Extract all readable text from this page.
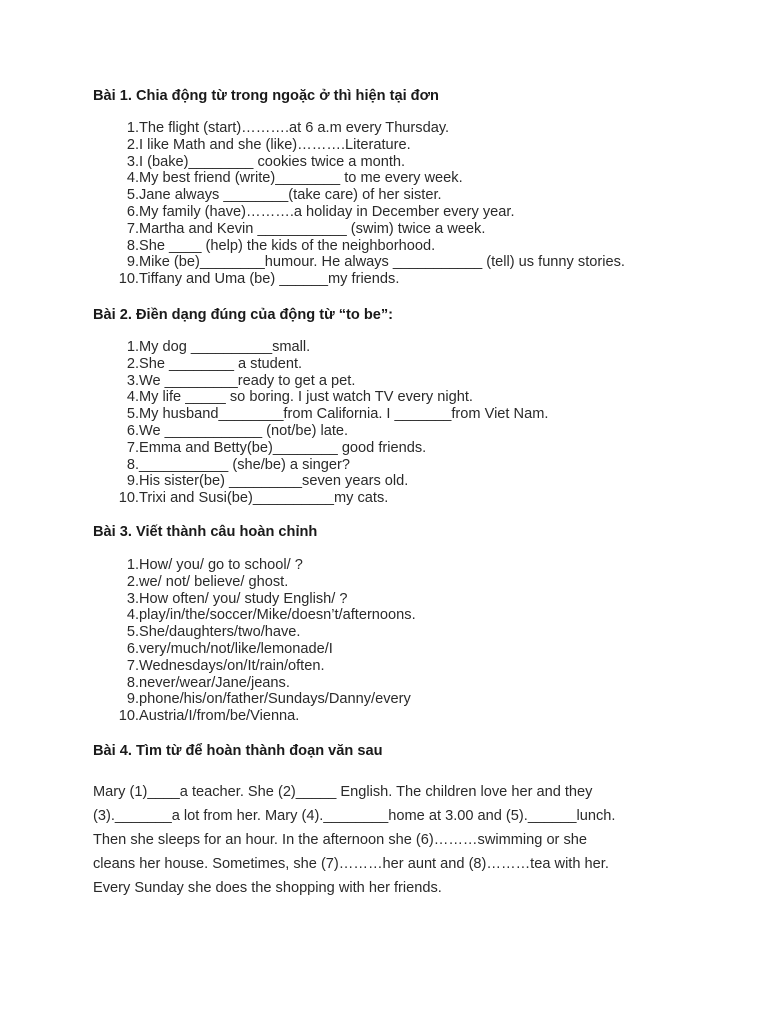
Bài 1. Chia động từ trong ngoặc ở thì hiện tại đơn
1. The flight (start)……….at 6 a.m every Thursday.
2. I like Math and she (like)……….Literature.
3. I (bake)________ cookies twice a month.
4. My best friend (write)________ to me every week.
5. Jane always ________(take care) of her sister.
6. My family (have)……….a holiday in December every year.
7. Martha and Kevin ___________ (swim) twice a week.
8. She ____ (help) the kids of the neighborhood.
9. Mike (be)________humour. He always ___________ (tell) us funny stories.
10. Tiffany and Uma (be) ______my friends.
Bài 2. Điền dạng đúng của động từ “to be”:
1. My dog __________small.
2. She ________ a student.
3. We _________ready to get a pet.
4. My life _____ so boring. I just watch TV every night.
5. My husband________from California. I _______from Viet Nam.
6. We ____________ (not/be) late.
7. Emma and Betty(be)________ good friends.
8. ___________ (she/be) a singer?
9. His sister(be) _________seven years old.
10. Trixi and Susi(be)__________my cats.
Bài 3. Viết thành câu hoàn chỉnh
1. How/ you/ go to school/ ?
2. we/ not/ believe/ ghost.
3. How often/ you/ study English/ ?
4. play/in/the/soccer/Mike/doesn’t/afternoons.
5. She/daughters/two/have.
6. very/much/not/like/lemonade/I
7. Wednesdays/on/It/rain/often.
8. never/wear/Jane/jeans.
9. phone/his/on/father/Sundays/Danny/every
10. Austria/I/from/be/Vienna.
Bài 4. Tìm từ để hoàn thành đoạn văn sau

Mary (1)____a teacher. She (2)_____ English. The children love her and they
(3)._______a lot from her. Mary (4).________home at 3.00 and (5).______lunch.
Then she sleeps for an hour. In the afternoon she (6)………swimming or she
cleans her house. Sometimes, she (7)………her aunt and (8)………tea with her.
Every Sunday she does the shopping with her friends.
